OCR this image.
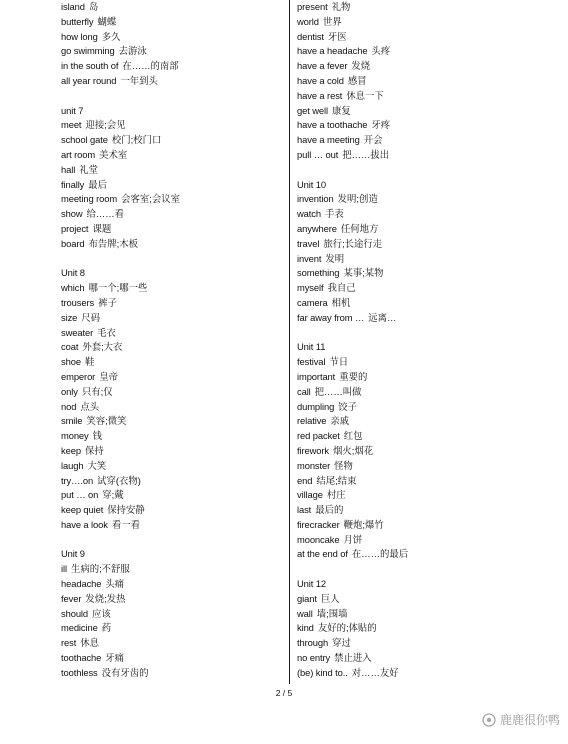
island 岛
butterfly 蝴蝶
how long 多久
go swimming 去游泳
in the south of 在……的南部
all year round 一年到头
unit 7
meet 迎接;会见
school gate 校门;校门口
art room 美术室
hall 礼堂
finally 最后
meeting room 会客室;会议室
show 给……看
project 课题
board 布告牌;木板
Unit 8
which 哪一个;哪一些
trousers 裤子
size 尺码
sweater 毛衣
coat 外套;大衣
shoe 鞋
emperor 皇帝
only 只有;仅
nod 点头
smile 笑容;微笑
money 钱
keep 保持
laugh 大笑
try….on 试穿(衣物)
put … on 穿;戴
keep quiet 保持安静
have a look 看一看
Unit 9
ill 生病的;不舒服
headache 头痛
fever 发烧;发热
should 应该
medicine 药
rest 休息
toothache 牙痛
toothless 没有牙齿的
present 礼物
world 世界
dentist 牙医
have a headache 头疼
have a fever 发烧
have a cold 感冒
have a rest 休息一下
get well 康复
have a toothache 牙疼
have a meeting 开会
pull … out 把……拔出
Unit 10
invention 发明;创造
watch 手表
anywhere 任何地方
travel 旅行;长途行走
invent 发明
something 某事;某物
myself 我自己
camera 相机
far away from … 远离…
Unit 11
festival 节日
important 重要的
call 把……叫做
dumpling 饺子
relative 亲戚
red packet 红包
firework 烟火;烟花
monster 怪物
end 结尾;结束
village 村庄
last 最后的
firecracker 鞭炮;爆竹
mooncake 月饼
at the end of 在……的最后
Unit 12
giant 巨人
wall 墙;围墙
kind 友好的;体贴的
through 穿过
no entry 禁止进入
(be) kind to.. 对……友好
2 / 5
鹿鹿很你鸭
